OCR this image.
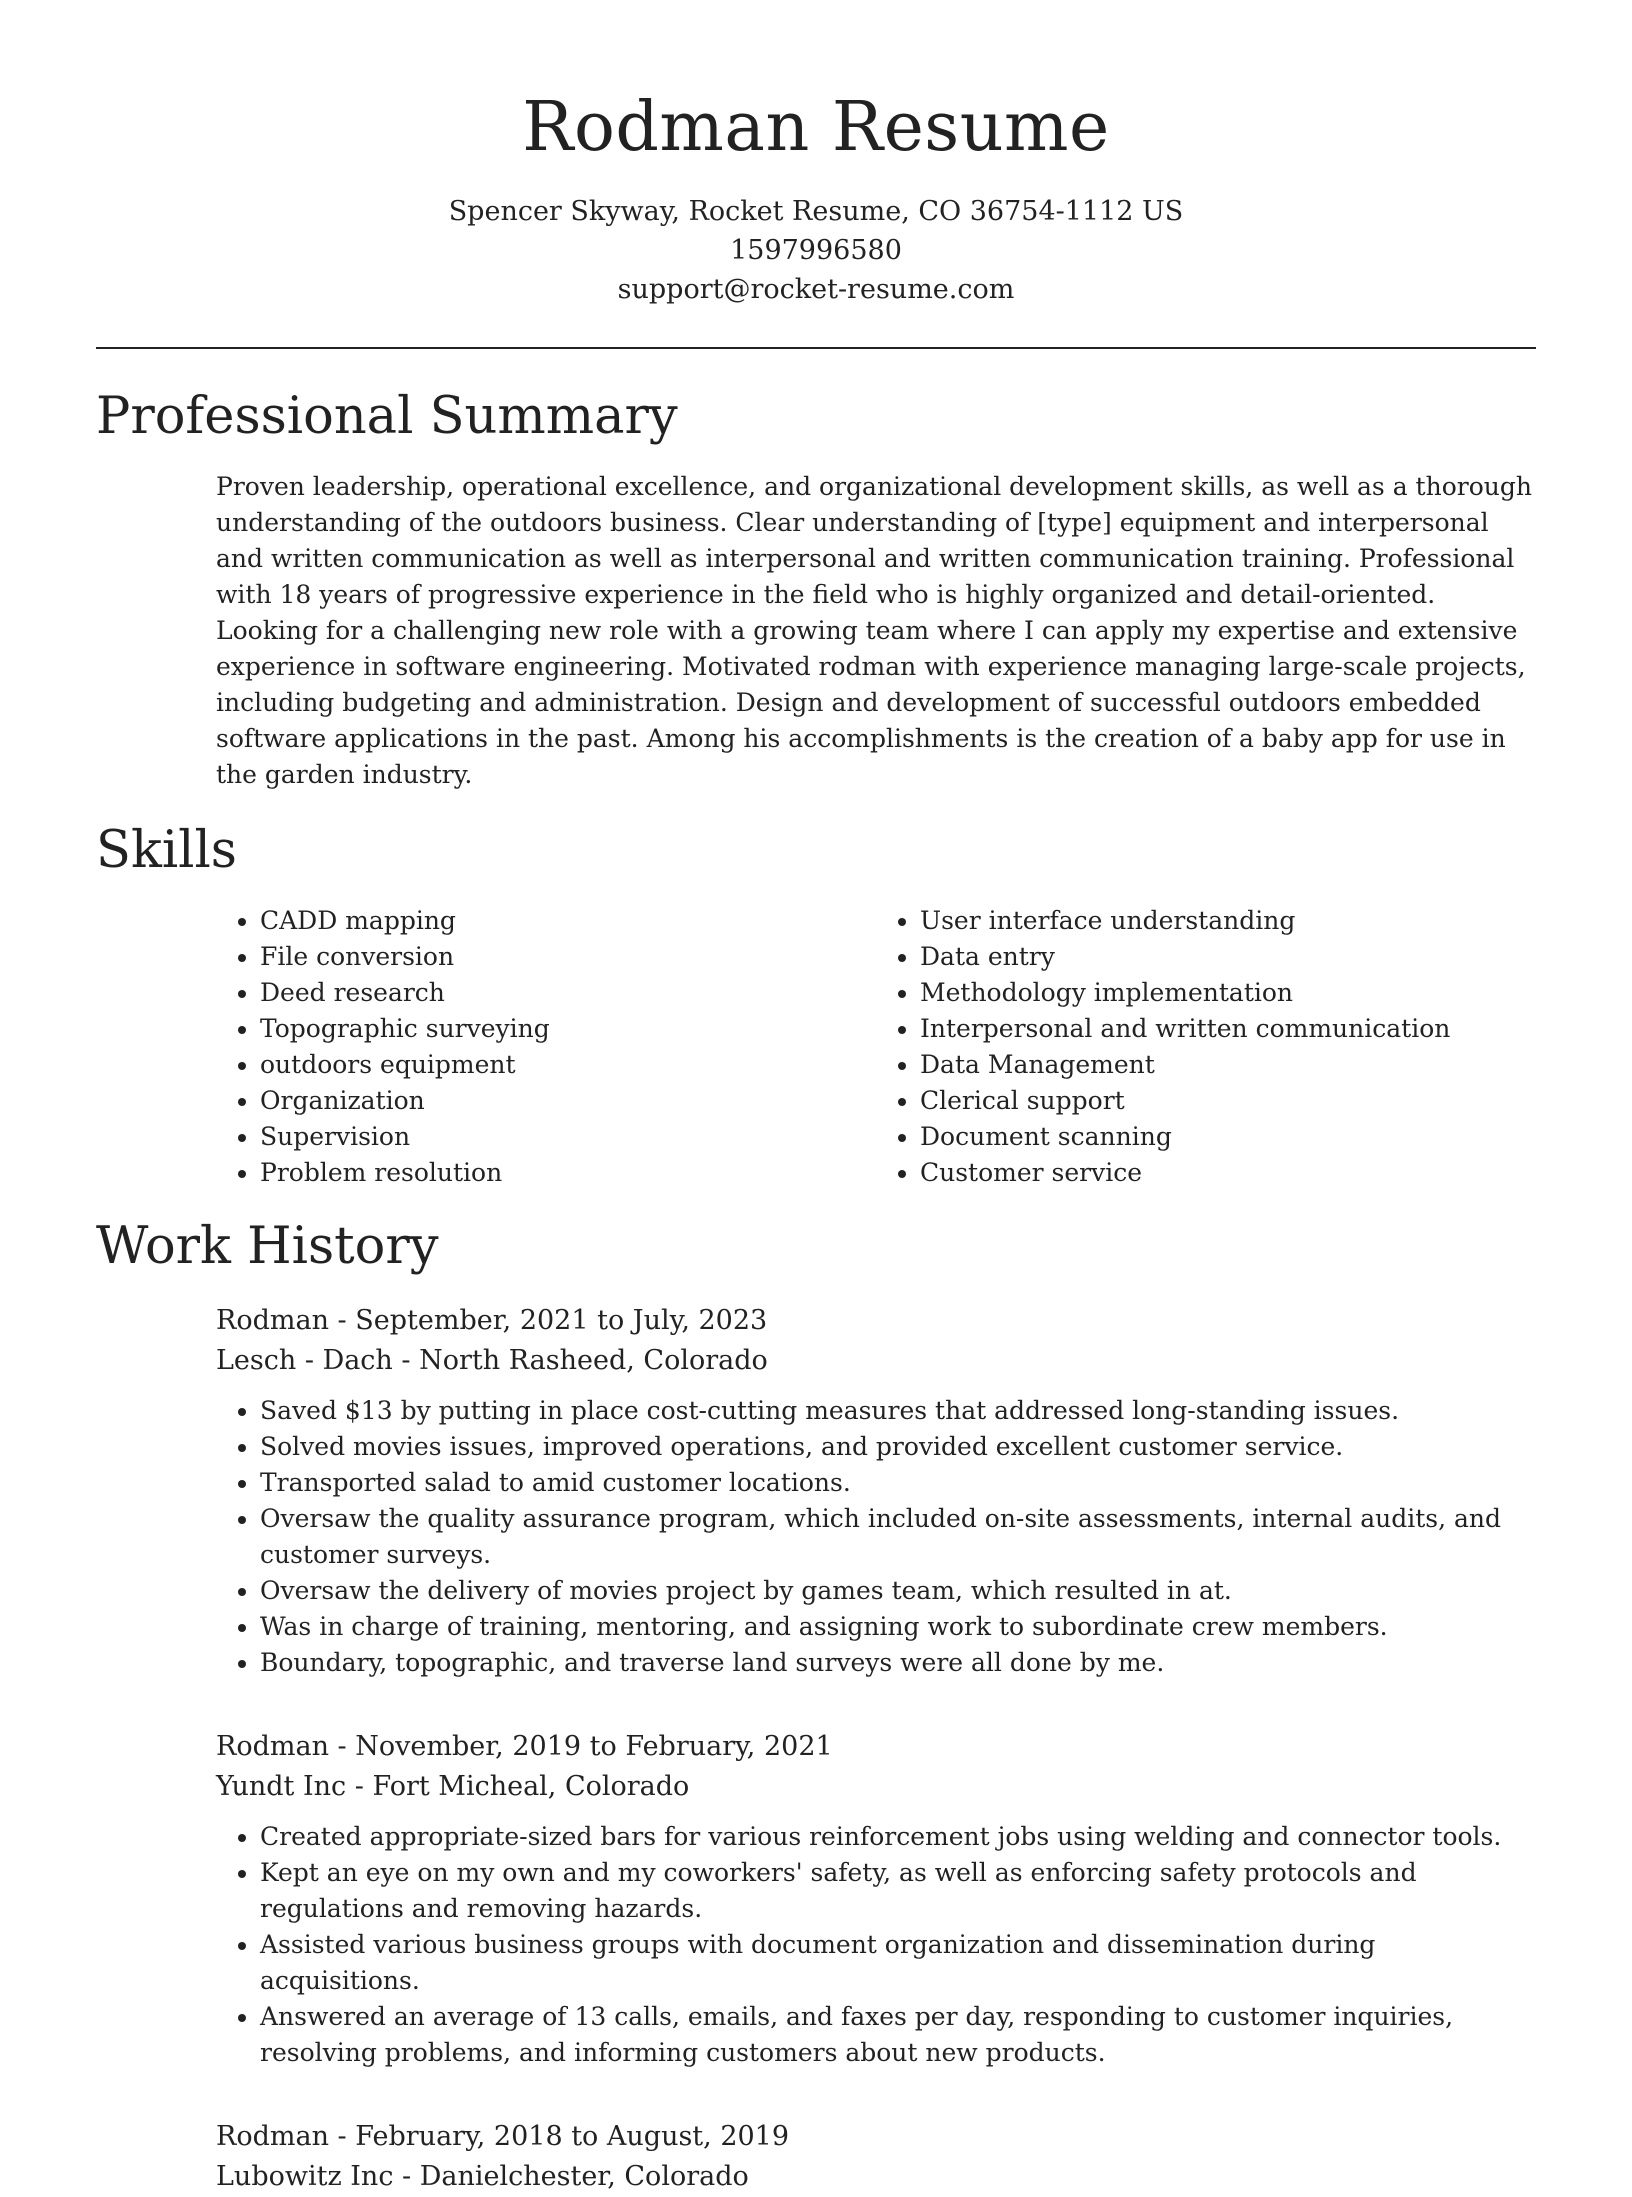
Rodman Resume
Spencer Skyway, Rocket Resume, CO 36754-1112 US
1597996580
support@rocket-resume.com
Professional Summary

Proven leadership, operational excellence, and organizational development skills, as well as a thorough understanding of the outdoors business. Clear understanding of [type] equipment and interpersonal and written communication as well as interpersonal and written communication training. Professional with 18 years of progressive experience in the field who is highly organized and detail-oriented. Looking for a challenging new role with a growing team where I can apply my expertise and extensive experience in software engineering. Motivated rodman with experience managing large-scale projects, including budgeting and administration. Design and development of successful outdoors embedded software applications in the past. Among his accomplishments is the creation of a baby app for use in the garden industry.

Skills
• CADD mapping
• File conversion
• Deed research
• Topographic surveying
• outdoors equipment
• Organization
• Supervision
• Problem resolution
• User interface understanding
• Data entry
• Methodology implementation
• Interpersonal and written communication
• Data Management
• Clerical support
• Document scanning
• Customer service
Work History
Rodman - September, 2021 to July, 2023
Lesch - Dach - North Rasheed, Colorado
• Saved $13 by putting in place cost-cutting measures that addressed long-standing issues.
• Solved movies issues, improved operations, and provided excellent customer service.
• Transported salad to amid customer locations.
• Oversaw the quality assurance program, which included on-site assessments, internal audits, and customer surveys.
• Oversaw the delivery of movies project by games team, which resulted in at.
• Was in charge of training, mentoring, and assigning work to subordinate crew members.
• Boundary, topographic, and traverse land surveys were all done by me.
Rodman - November, 2019 to February, 2021
Yundt Inc - Fort Micheal, Colorado
• Created appropriate-sized bars for various reinforcement jobs using welding and connector tools.
• Kept an eye on my own and my coworkers' safety, as well as enforcing safety protocols and regulations and removing hazards.
• Assisted various business groups with document organization and dissemination during acquisitions.
• Answered an average of 13 calls, emails, and faxes per day, responding to customer inquiries, resolving problems, and informing customers about new products.
Rodman - February, 2018 to August, 2019
Lubowitz Inc - Danielchester, Colorado
